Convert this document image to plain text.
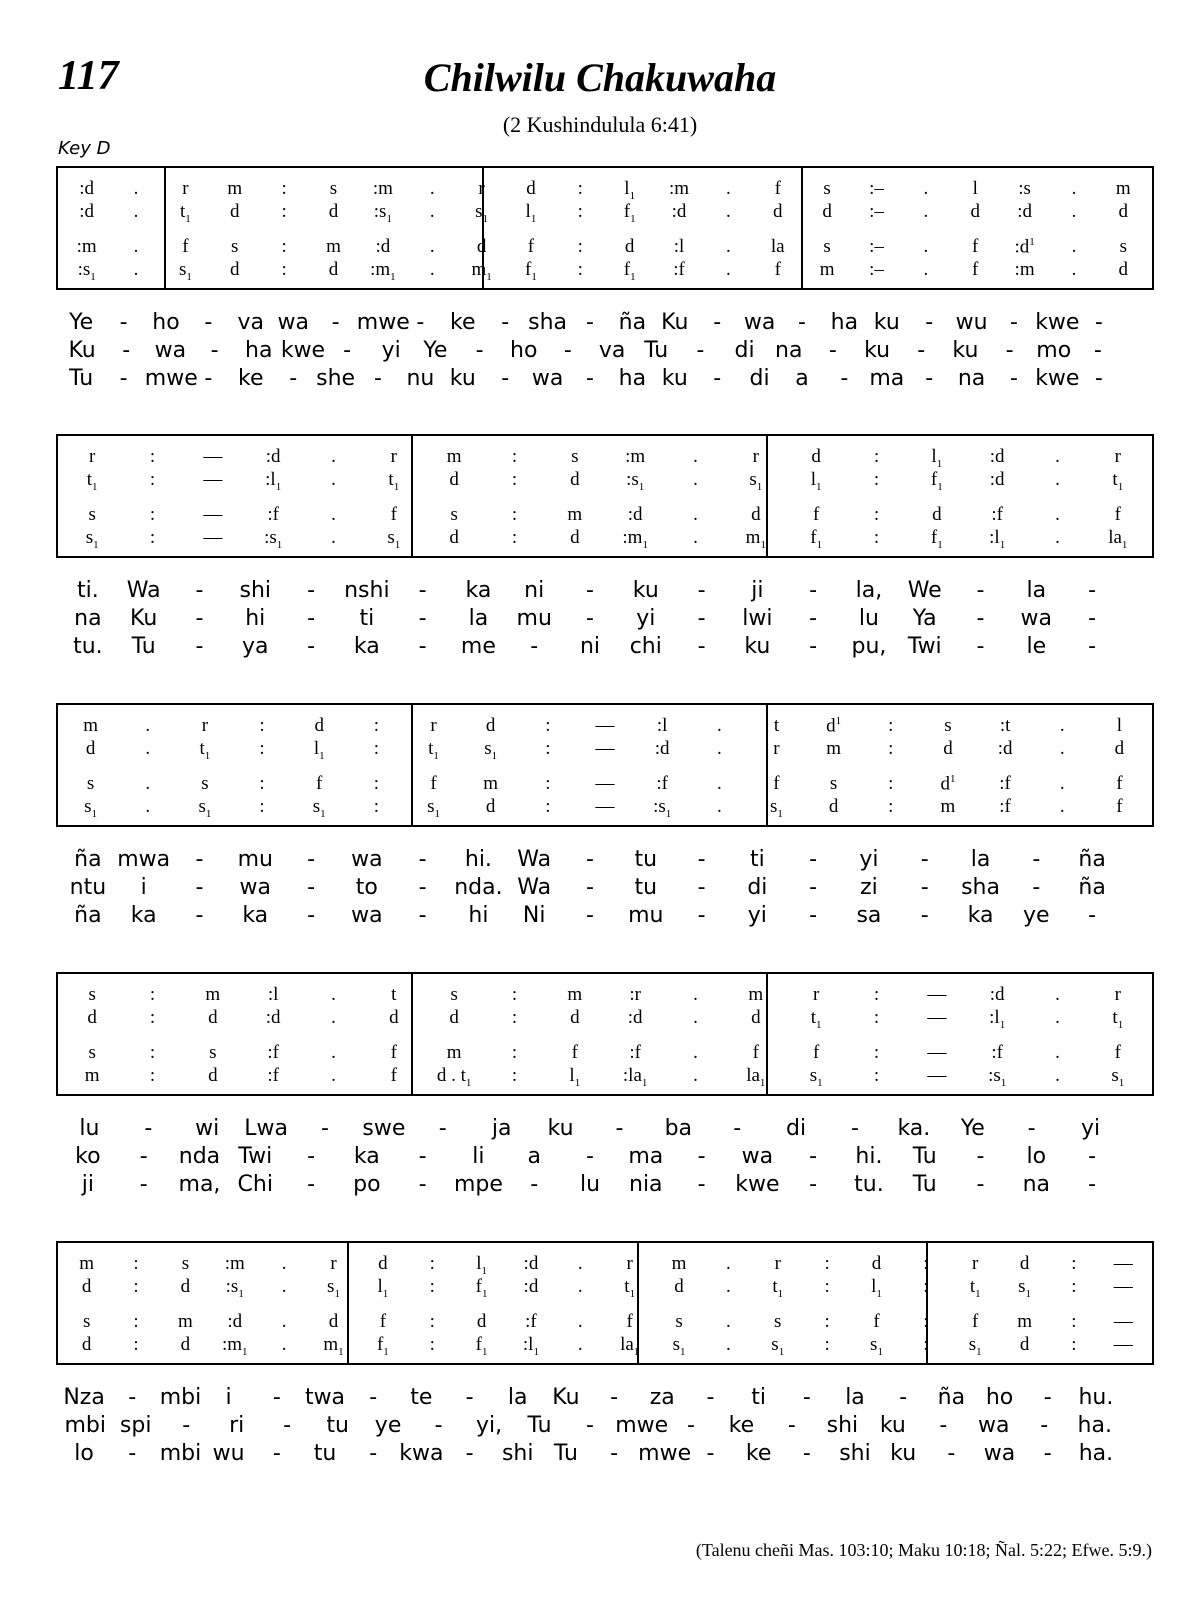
117	Chilwilu Chakuwaha
(2 Kushindulula 6:41)
Key D
:d	.	r	m	:	s	:m	.	r	d	:	$l_1$	:m	.	f	s	:–	.	l	:s	.	m
:d	.	$t_1$	d	:	d	$:s_1$	.	$s_1$	$l_1$	:	$f_1$	:d	.	d	d	:–	.	d	:d	.	d
:m	.	f	s	:	m	:d	.	d	f	:	d	:l	.	la	s	:–	.	f	$:d^1$	.	s
$:s_1$	.	$s_1$	d	:	d	$:m_1$	.	$m_1$	$f_1$	:	$f_1$	:f	.	f	m	:–	.	f	:m	.	d
Ye	-	ho	-	va wa	- mwe -	ke	- sha -	ña Ku	-	wa	-	ha ku	-	wu	- kwe -
Ku	-	wa	-	ha kwe -	yi	Ye	-	ho	-	va Tu	-	di na	-	ku	-	ku	-	mo	-
Tu	- mwe -	ke	- she -	nu ku	-	wa	-	ha ku	-	di	a	- ma -	na	- kwe -
r	:	—	:d	.	r	m	:	s	:m	.	r	d	:	$l_1$	:d	.	r
$t_1$	:	—	$:l_1$	.	$t_1$	d	:	d	$:s_1$	.	$s_1$	$l_1$	:	$f_1$	:d	.	$t_1$
s	:	—	:f	.	f	s	:	m	:d	.	d	f	:	d	:f	.	f
$s_1$	:	—	$:s_1$	.	$s_1$	d	:	d	$:m_1$	.	$m_1$	$f_1$	:	$f_1$	$:l_1$	.	$la_1$
ti.	Wa	-	shi	-	nshi	-	ka	ni	-	ku	-	ji	-	la,	We	-	la	-
na	Ku	-	hi	-	ti	-	la	mu	-	yi	-	lwi	-	lu	Ya	-	wa	-
tu.	Tu	-	ya	-	ka	-	me	-	ni	chi	-	ku	-	pu, Twi	-	le	-
m	.	r	:	d	:	r	d	:	—	:l	.	t	$d^1$	:	s	:t	.	l
d	.	$t_1$	:	$l_1$	:	$t_1$	$s_1$	:	—	:d	.	r	m	:	d	:d	.	d
s	.	s	:	f	:	f	m	:	—	:f	.	f	s	:	$d^1$	:f	.	f
$s_1$	.	$s_1$	:	$s_1$	:	$s_1$	d	:	—	$:s_1$	.	$s_1$	d	:	m	:f	.	f
ña mwa	-	mu	-	wa	-	hi.	Wa	-	tu	-	ti	-	yi	-	la	-	ña
ntu	i	-	wa	-	to	-	nda. Wa	-	tu	-	di	-	zi	-	sha	-	ña
ña	ka	-	ka	-	wa	-	hi	Ni	-	mu	-	yi	-	sa	-	ka	ye	-
s	:	m	:l	.	t	s	:	m	:r	.	m	r	:	—	:d	.	r
d	:	d	:d	.	d	d	:	d	:d	.	d	$t_1$	:	—	$:l_1$	.	$t_1$
s	:	s	:f	.	f	m	:	f	:f	.	f	f	:	—	:f	.	f
m	:	d	:f	.	f	d . $t_1$	:	$l_1$	$:la_1$	.	$la_1$	$s_1$	:	—	$:s_1$	.	$s_1$
lu	-	wi	Lwa	-	swe	-	ja	ku	-	ba	-	di	-	ka.	Ye	-	yi
ko	-	nda Twi	-	ka	-	li	a	-	ma	-	wa	-	hi.	Tu	-	lo	-
ji	-	ma, Chi	-	po	-	mpe	-	lu	nia	-	kwe	-	tu.	Tu	-	na	-
m	:	s	:m	.	r	d	:	$l_1$	:d	.	r	m	.	r	:	d	:	r	d	:	—
d	:	d	$:s_1$	.	$s_1$	$l_1$	:	$f_1$	:d	.	$t_1$	d	.	$t_1$	:	$l_1$	:	$t_1$	$s_1$	:	—
s	:	m	:d	.	d	f	:	d	:f	.	f	s	.	s	:	f	:	f	m	:	—
d	:	d	$:m_1$	.	$m_1$	$f_1$	:	$f_1$	$:l_1$	.	$la_1$	$s_1$	.	$s_1$	:	$s_1$	:	$s_1$	d	:	—
Nza	-	mbi	i	-	twa	-	te	-	la	Ku	-	za	-	ti	-	la	-	ña ho	-	hu.
mbi spi	-	ri	-	tu	ye	-	yi,	Tu	- mwe -	ke	-	shi ku	-	wa	-	ha.
lo	-	mbi wu	-	tu	-	kwa	-	shi Tu	- mwe -	ke	-	shi ku	-	wa	-	ha.
(Talenu cheñi Mas. 103:10; Maku 10:18; Ñal. 5:22; Efwe. 5:9.)
